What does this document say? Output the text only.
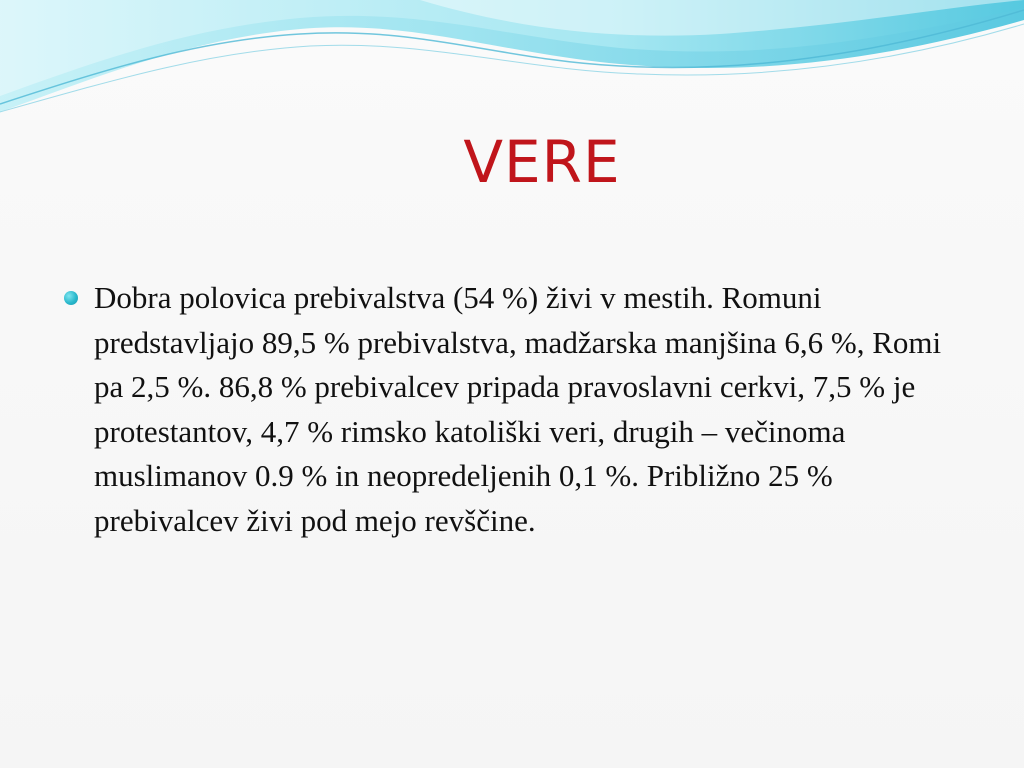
VERE

Dobra polovica prebivalstva (54 %) živi v mestih. Romuni predstavljajo 89,5 % prebivalstva, madžarska manjšina 6,6 %, Romi pa 2,5 %. 86,8 % prebivalcev pripada pravoslavni cerkvi, 7,5 % je protestantov, 4,7 % rimsko katoliški veri, drugih – večinoma muslimanov 0.9 % in neopredeljenih 0,1 %. Približno 25 % prebivalcev živi pod mejo revščine.
